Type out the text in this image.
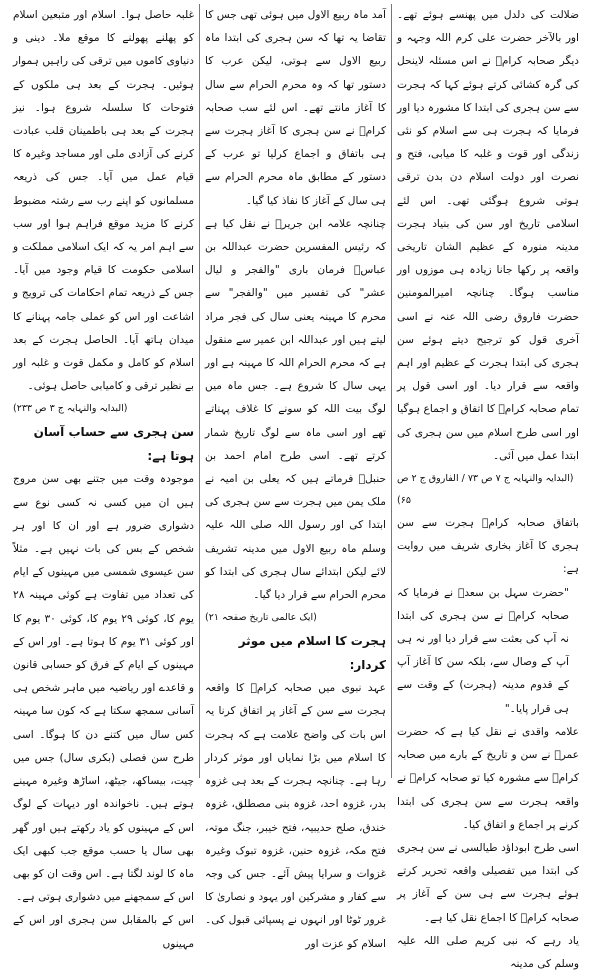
ضلالت کی دلدل میں پھنسے ہوئے تھے۔ اور بالآخر حضرت علی کرم اللہ وجہہ و دیگر صحابہ کرامؓ نے اس مسئلہ لاینحل کی گرہ کشائی کرتے ہوئے کہا کہ ہجرت سے سن ہجری کی ابتدا کا مشورہ دیا اور فرمایا کہ ہجرت ہی سے اسلام کو نئی زندگی اور قوت و غلبہ کا میابی، فتح و نصرت اور دولت اسلام دن بدن ترقی ہوتی شروع ہوگئی تھی۔ اس لئے اسلامی تاریخ اور سن کی بنیاد ہجرت مدینہ منورہ کے عظیم الشان تاریخی واقعہ پر رکھا جانا زیادہ ہی موزوں اور مناسب ہوگا۔ چنانچہ امیرالمومنین حضرت فاروق رضی اللہ عنہ نے اسی آخری قول کو ترجیح دیتے ہوئے سن ہجری کی ابتدا ہجرت کے عظیم اور اہم واقعہ سے قرار دیا۔ اور اسی قول پر تمام صحابہ کرامؓ کا اتفاق و اجماع ہوگیا اور اسی طرح اسلام میں سن ہجری کی ابتدا عمل میں آئی۔

(البدایہ والنہایہ ج ۷ ص ۷۳ / الفاروق ج ۲ ص ۶۵)

باتفاق صحابہ کرامؓ ہجرت سے سن ہجری کا آغاز بخاری شریف میں روایت ہے:

"حضرت سہل بن سعدؓ نے فرمایا کہ صحابہ کرامؓ نے سن ہجری کی ابتدا نہ آپ کی بعثت سے قرار دیا اور نہ ہی آپ کے وصال سے، بلکہ سن کا آغاز آپ کے قدوم مدینہ (ہجرت) کے وقت سے ہی قرار پایا۔"

علامہ واقدی نے نقل کیا ہے کہ حضرت عمرؓ نے سن و تاریخ کے بارے میں صحابہ کرامؓ سے مشورہ کیا تو صحابہ کرامؓ نے واقعہ ہجرت سے سن ہجری کی ابتدا کرنے پر اجماع و اتفاق کیا۔

اسی طرح ابوداؤد طیالسی نے سن ہجری کی ابتدا میں تفصیلی واقعہ تحریر کرتے ہوئے ہجرت سے ہی سن کے آغاز پر صحابہ کرامؓ کا اجماع نقل کیا ہے۔

یاد رہے کہ نبی کریم صلی اللہ علیہ وسلم کی مدینہ

آمد ماہ ربیع الاول میں ہوئی تھی جس کا تقاضا یہ تھا کہ سن ہجری کی ابتدا ماہ ربیع الاول سے ہوتی، لیکن عرب کا دستور تھا کہ وہ محرم الحرام سے سال کا آغاز مانتے تھے۔ اس لئے سب صحابہ کرامؓ نے سن ہجری کا آغاز ہجرت سے ہی باتفاق و اجماع کرلیا تو عرب کے دستور کے مطابق ماہ محرم الحرام سے ہی سال کے آغاز کا نفاذ کیا گیا۔

چنانچہ علامہ ابن جریرؒ نے نقل کیا ہے کہ رئیس المفسرین حضرت عبداللہ بن عباسؓ فرمان باری "والفجر و لیال عشر" کی تفسیر میں "والفجر" سے محرم کا مہینہ یعنی سال کی فجر مراد لیتے ہیں اور عبداللہ ابن عمیر سے منقول ہے کہ محرم الحرام اللہ کا مہینہ ہے اور یہی سال کا شروع ہے۔ جس ماہ میں لوگ بیت اللہ کو سونے کا غلاف پہناتے تھے اور اسی ماہ سے لوگ تاریخ شمار کرتے تھے۔ اسی طرح امام احمد بن حنبلؒ فرماتے ہیں کہ یعلی بن امیہ نے ملک یمن میں ہجرت سے سن ہجری کی ابتدا کی اور رسول اللہ صلی اللہ علیہ وسلم ماہ ربیع الاول میں مدینہ تشریف لائے لیکن ابتدائے سال ہجری کی ابتدا کو محرم الحرام سے قرار دیا گیا۔

(ایک عالمی تاریخ صفحہ ۲۱)

ہجرت کا اسلام میں موثر کردار:

عہد نبوی میں صحابہ کرامؓ کا واقعہ ہجرت سے سن کے آغاز پر اتفاق کرنا یہ اس بات کی واضح علامت ہے کہ ہجرت کا اسلام میں بڑا نمایاں اور موثر کردار رہا ہے۔ چنانچہ ہجرت کے بعد ہی غزوہ بدر، غزوہ احد، غزوہ بنی مصطلق، غزوہ خندق، صلح حدیبیہ، فتح خیبر، جنگ موتہ، فتح مکہ، غزوہ حنین، غزوہ تبوک وغیرہ غزوات و سرایا پیش آئے۔ جس کی وجہ سے کفار و مشرکین اور یہود و نصاریٰ کا غرور ٹوٹا اور انہوں نے پسپائی قبول کی۔ اسلام کو عزت اور

غلبہ حاصل ہوا۔ اسلام اور متبعین اسلام کو پھلنے پھولنے کا موقع ملا۔ دینی و دنیاوی کاموں میں ترقی کی راہیں ہموار ہوئیں۔ ہجرت کے بعد ہی ملکوں کے فتوحات کا سلسلہ شروع ہوا۔ نیز ہجرت کے بعد ہی باطمینان قلب عبادت کرنے کی آزادی ملی اور مساجد وغیرہ کا قیام عمل میں آیا۔ جس کی ذریعہ مسلمانوں کو اپنے رب سے رشتہ مضبوط کرنے کا مزید موقع فراہم ہوا اور سب سے اہم امر یہ کہ ایک اسلامی مملکت و اسلامی حکومت کا قیام وجود میں آیا۔ جس کے ذریعہ تمام احکامات کی ترویج و اشاعت اور اس کو عملی جامہ پہنانے کا میدان ہاتھ آیا۔ الحاصل ہجرت کے بعد اسلام کو کامل و مکمل قوت و غلبہ اور بے نظیر ترقی و کامیابی حاصل ہوئی۔

(البدایہ والنہایہ ج ۳ ص ۲۳۳)

سن ہجری سے حساب آسان ہوتا ہے:

موجودہ وقت میں جتنے بھی سن مروج ہیں ان میں کسی نہ کسی نوع سے دشواری ضرور ہے اور ان کا اور ہر شخص کے بس کی بات نہیں ہے۔ مثلاً سن عیسوی شمسی میں مہینوں کے ایام کی تعداد میں تفاوت ہے کوئی مہینہ ۲۸ یوم کا، کوئی ۲۹ یوم کا، کوئی ۳۰ یوم کا اور کوئی ۳۱ یوم کا ہوتا ہے۔ اور اس کے مہینوں کے ایام کے فرق کو حسابی قانون و قاعدے اور ریاضیہ میں ماہر شخص ہی آسانی سمجھ سکتا ہے کہ کون سا مہینہ کس سال میں کتنے دن کا ہوگا۔ اسی طرح سن فصلی (بکری سال) جس میں چیت، بیساکھ، جیٹھ، اساڑھ وغیرہ مہینے ہوتے ہیں۔ ناخواندہ اور دیہات کے لوگ اس کے مہینوں کو یاد رکھتے ہیں اور گھر بھی سال یا حسب موقع جب کبھی ایک ماہ کا لوند لگتا ہے۔ اس وقت ان کو بھی اس کے سمجھنے میں دشواری ہوتی ہے۔

اس کے بالمقابل سن ہجری اور اس کے مہینوں
